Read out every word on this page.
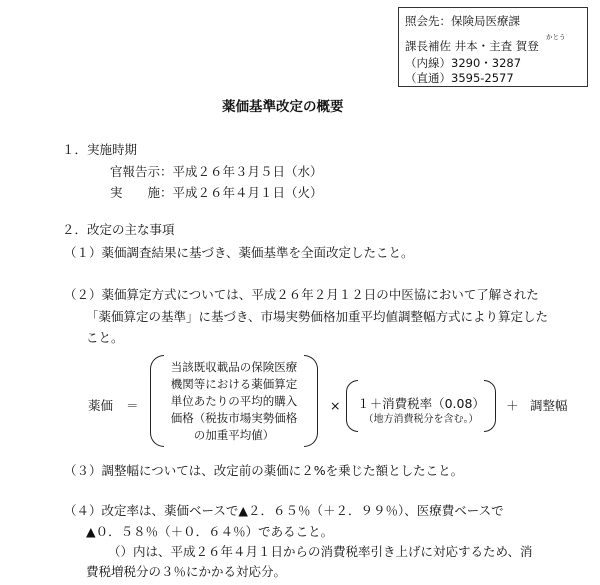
照会先：保険局医療課
かとう
課長補佐 井本・主査 賀登
（内線）3290・3287
（直通）3595-2577
薬価基準改定の概要
１．実施時期
官報告示：平成２６年３月５日（水）
実　　施：平成２６年４月１日（火）
２．改定の主な事項
（１）薬価調査結果に基づき、薬価基準を全面改定したこと。
（２）薬価算定方式については、平成２６年２月１２日の中医協において了解された
「薬価算定の基準」に基づき、市場実勢価格加重平均値調整幅方式により算定した
こと。
薬価 ＝
当該既収載品の保険医療
機関等における薬価算定
単位あたりの平均的購入
価格（税抜市場実勢価格
の加重平均値）
×	１＋消費税率（0.08）
（地方消費税分を含む。）
＋ 調整幅
（３）調整幅については、改定前の薬価に２%を乗じた額としたこと。
（４）改定率は、薬価ベースで▲２．６５％（＋２．９９％）、医療費ベースで
▲０．５８％（＋０．６４％）であること。
（）内は、平成２６年４月１日からの消費税率引き上げに対応するため、消
費税増税分の３％にかかる対応分。
